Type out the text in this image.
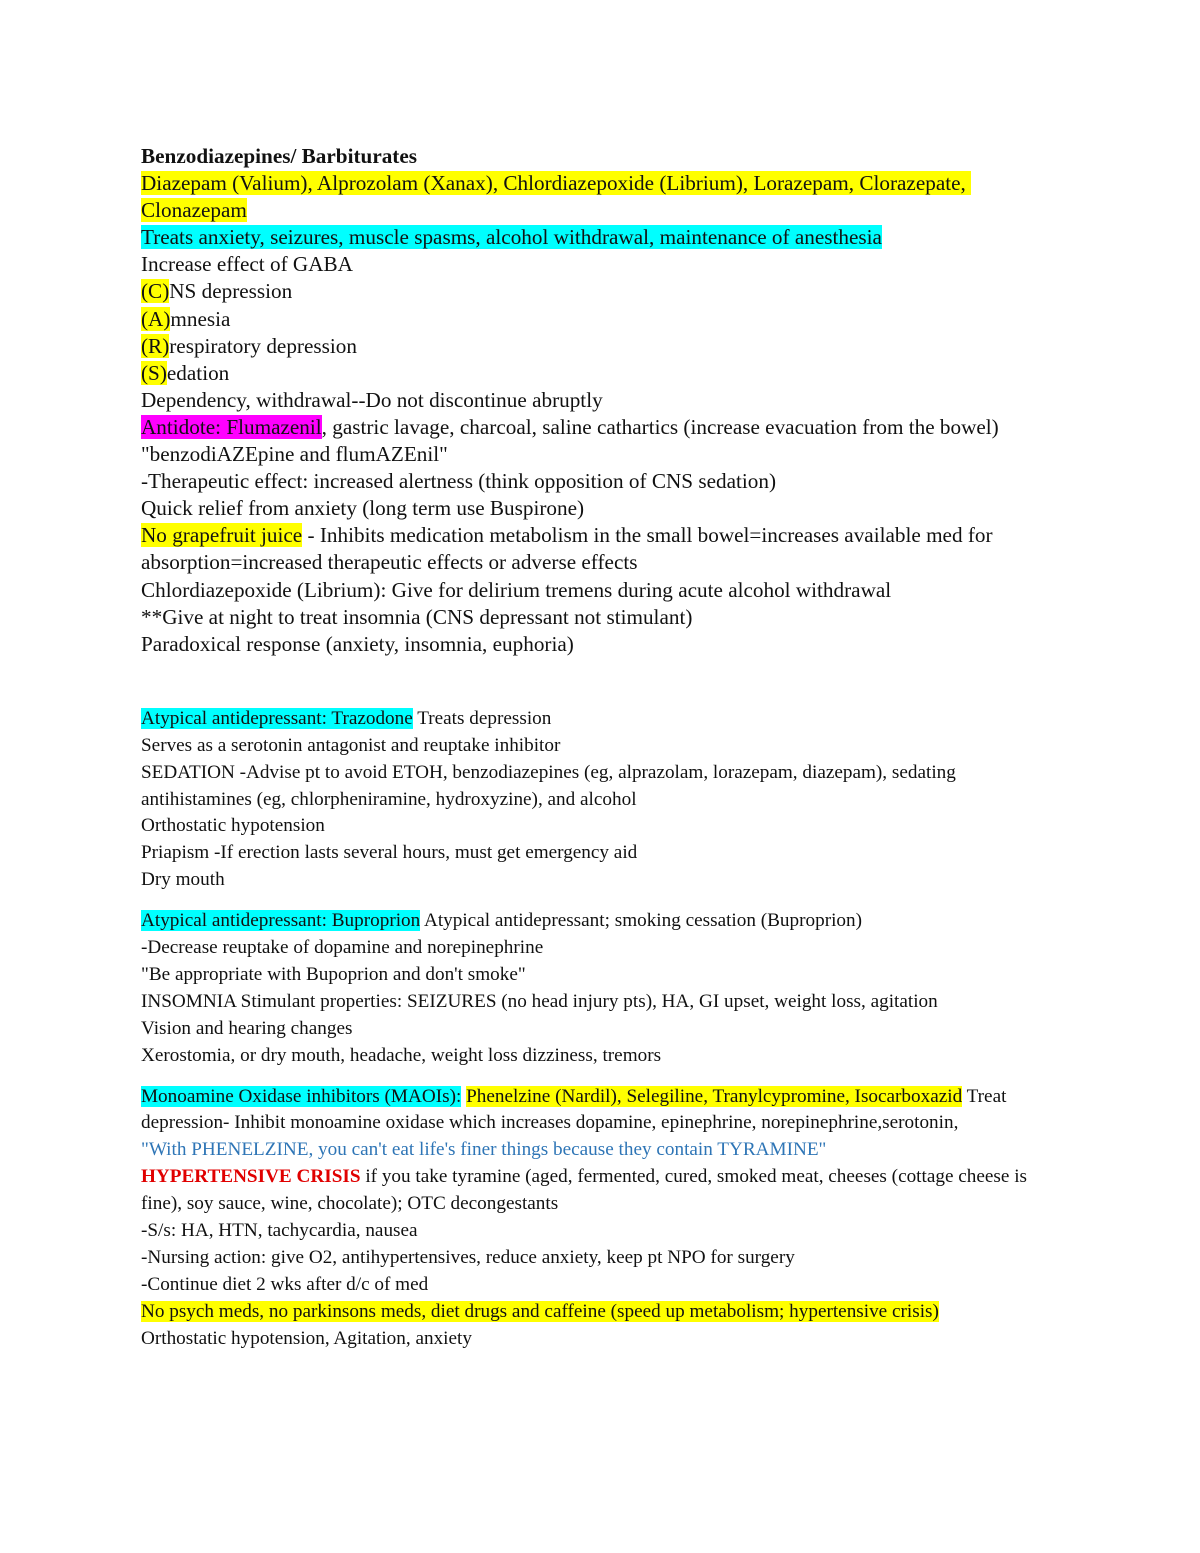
Benzodiazepines/ Barbiturates
Diazepam (Valium), Alprozolam (Xanax), Chlordiazepoxide (Librium), Lorazepam, Clorazepate, Clonazepam
Treats anxiety, seizures, muscle spasms, alcohol withdrawal, maintenance of anesthesia
Increase effect of GABA
(C)NS depression
(A)mnesia
(R)respiratory depression
(S)edation
Dependency, withdrawal--Do not discontinue abruptly
Antidote: Flumazenil, gastric lavage, charcoal, saline cathartics (increase evacuation from the bowel)
"benzodiAZEpine and flumAZEnil"
-Therapeutic effect: increased alertness (think opposition of CNS sedation)
Quick relief from anxiety (long term use Buspirone)
No grapefruit juice - Inhibits medication metabolism in the small bowel=increases available med for absorption=increased therapeutic effects or adverse effects
Chlordiazepoxide (Librium): Give for delirium tremens during acute alcohol withdrawal
**Give at night to treat insomnia (CNS depressant not stimulant)
Paradoxical response (anxiety, insomnia, euphoria)
Atypical antidepressant: Trazodone Treats depression
Serves as a serotonin antagonist and reuptake inhibitor
SEDATION -Advise pt to avoid ETOH, benzodiazepines (eg, alprazolam, lorazepam, diazepam), sedating antihistamines (eg, chlorpheniramine, hydroxyzine), and alcohol
Orthostatic hypotension
Priapism -If erection lasts several hours, must get emergency aid
Dry mouth
Atypical antidepressant: Buproprion Atypical antidepressant; smoking cessation (Buproprion)
-Decrease reuptake of dopamine and norepinephrine
"Be appropriate with Bupoprion and don't smoke"
INSOMNIA Stimulant properties: SEIZURES (no head injury pts), HA, GI upset, weight loss, agitation
Vision and hearing changes
Xerostomia, or dry mouth, headache, weight loss dizziness, tremors
Monoamine Oxidase inhibitors (MAOIs): Phenelzine (Nardil), Selegiline, Tranylcypromine, Isocarboxazid Treat depression- Inhibit monoamine oxidase which increases dopamine, epinephrine, norepinephrine,serotonin,
"With PHENELZINE, you can't eat life's finer things because they contain TYRAMINE"
HYPERTENSIVE CRISIS if you take tyramine (aged, fermented, cured, smoked meat, cheeses (cottage cheese is fine), soy sauce, wine, chocolate); OTC decongestants
-S/s: HA, HTN, tachycardia, nausea
-Nursing action: give O2, antihypertensives, reduce anxiety, keep pt NPO for surgery
-Continue diet 2 wks after d/c of med
No psych meds, no parkinsons meds, diet drugs and caffeine (speed up metabolism; hypertensive crisis)
Orthostatic hypotension, Agitation, anxiety
